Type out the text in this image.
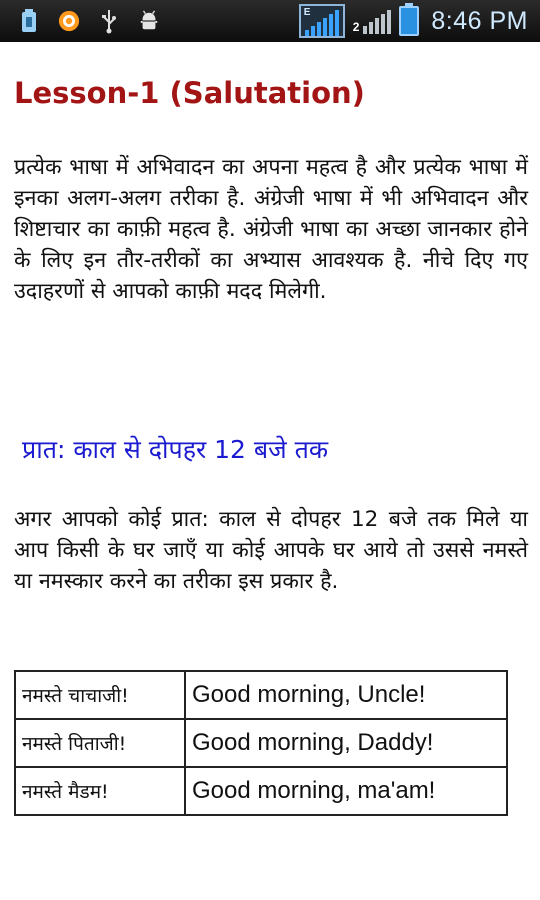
E
2	8:46 PM
Lesson-1 (Salutation)

प्रत्येक भाषा में अभिवादन का अपना महत्व है और प्रत्येक भाषा में इनका अलग-अलग तरीका है. अंग्रेजी भाषा में भी अभिवादन और शिष्टाचार का काफ़ी महत्व है. अंग्रेजी भाषा का अच्छा जानकार होने के लिए इन तौर-तरीकों का अभ्यास आवश्यक है. नीचे दिए गए उदाहरणों से आपको काफ़ी मदद मिलेगी.

प्रात: काल से दोपहर 12 बजे तक

अगर आपको कोई प्रात: काल से दोपहर 12 बजे तक मिले या आप किसी के घर जाएँ या कोई आपके घर आये तो उससे नमस्ते या नमस्कार करने का तरीका इस प्रकार है.

नमस्ते चाचाजी!	Good morning, Uncle!
नमस्ते पिताजी!	Good morning, Daddy!
नमस्ते मैडम!	Good morning, ma'am!
